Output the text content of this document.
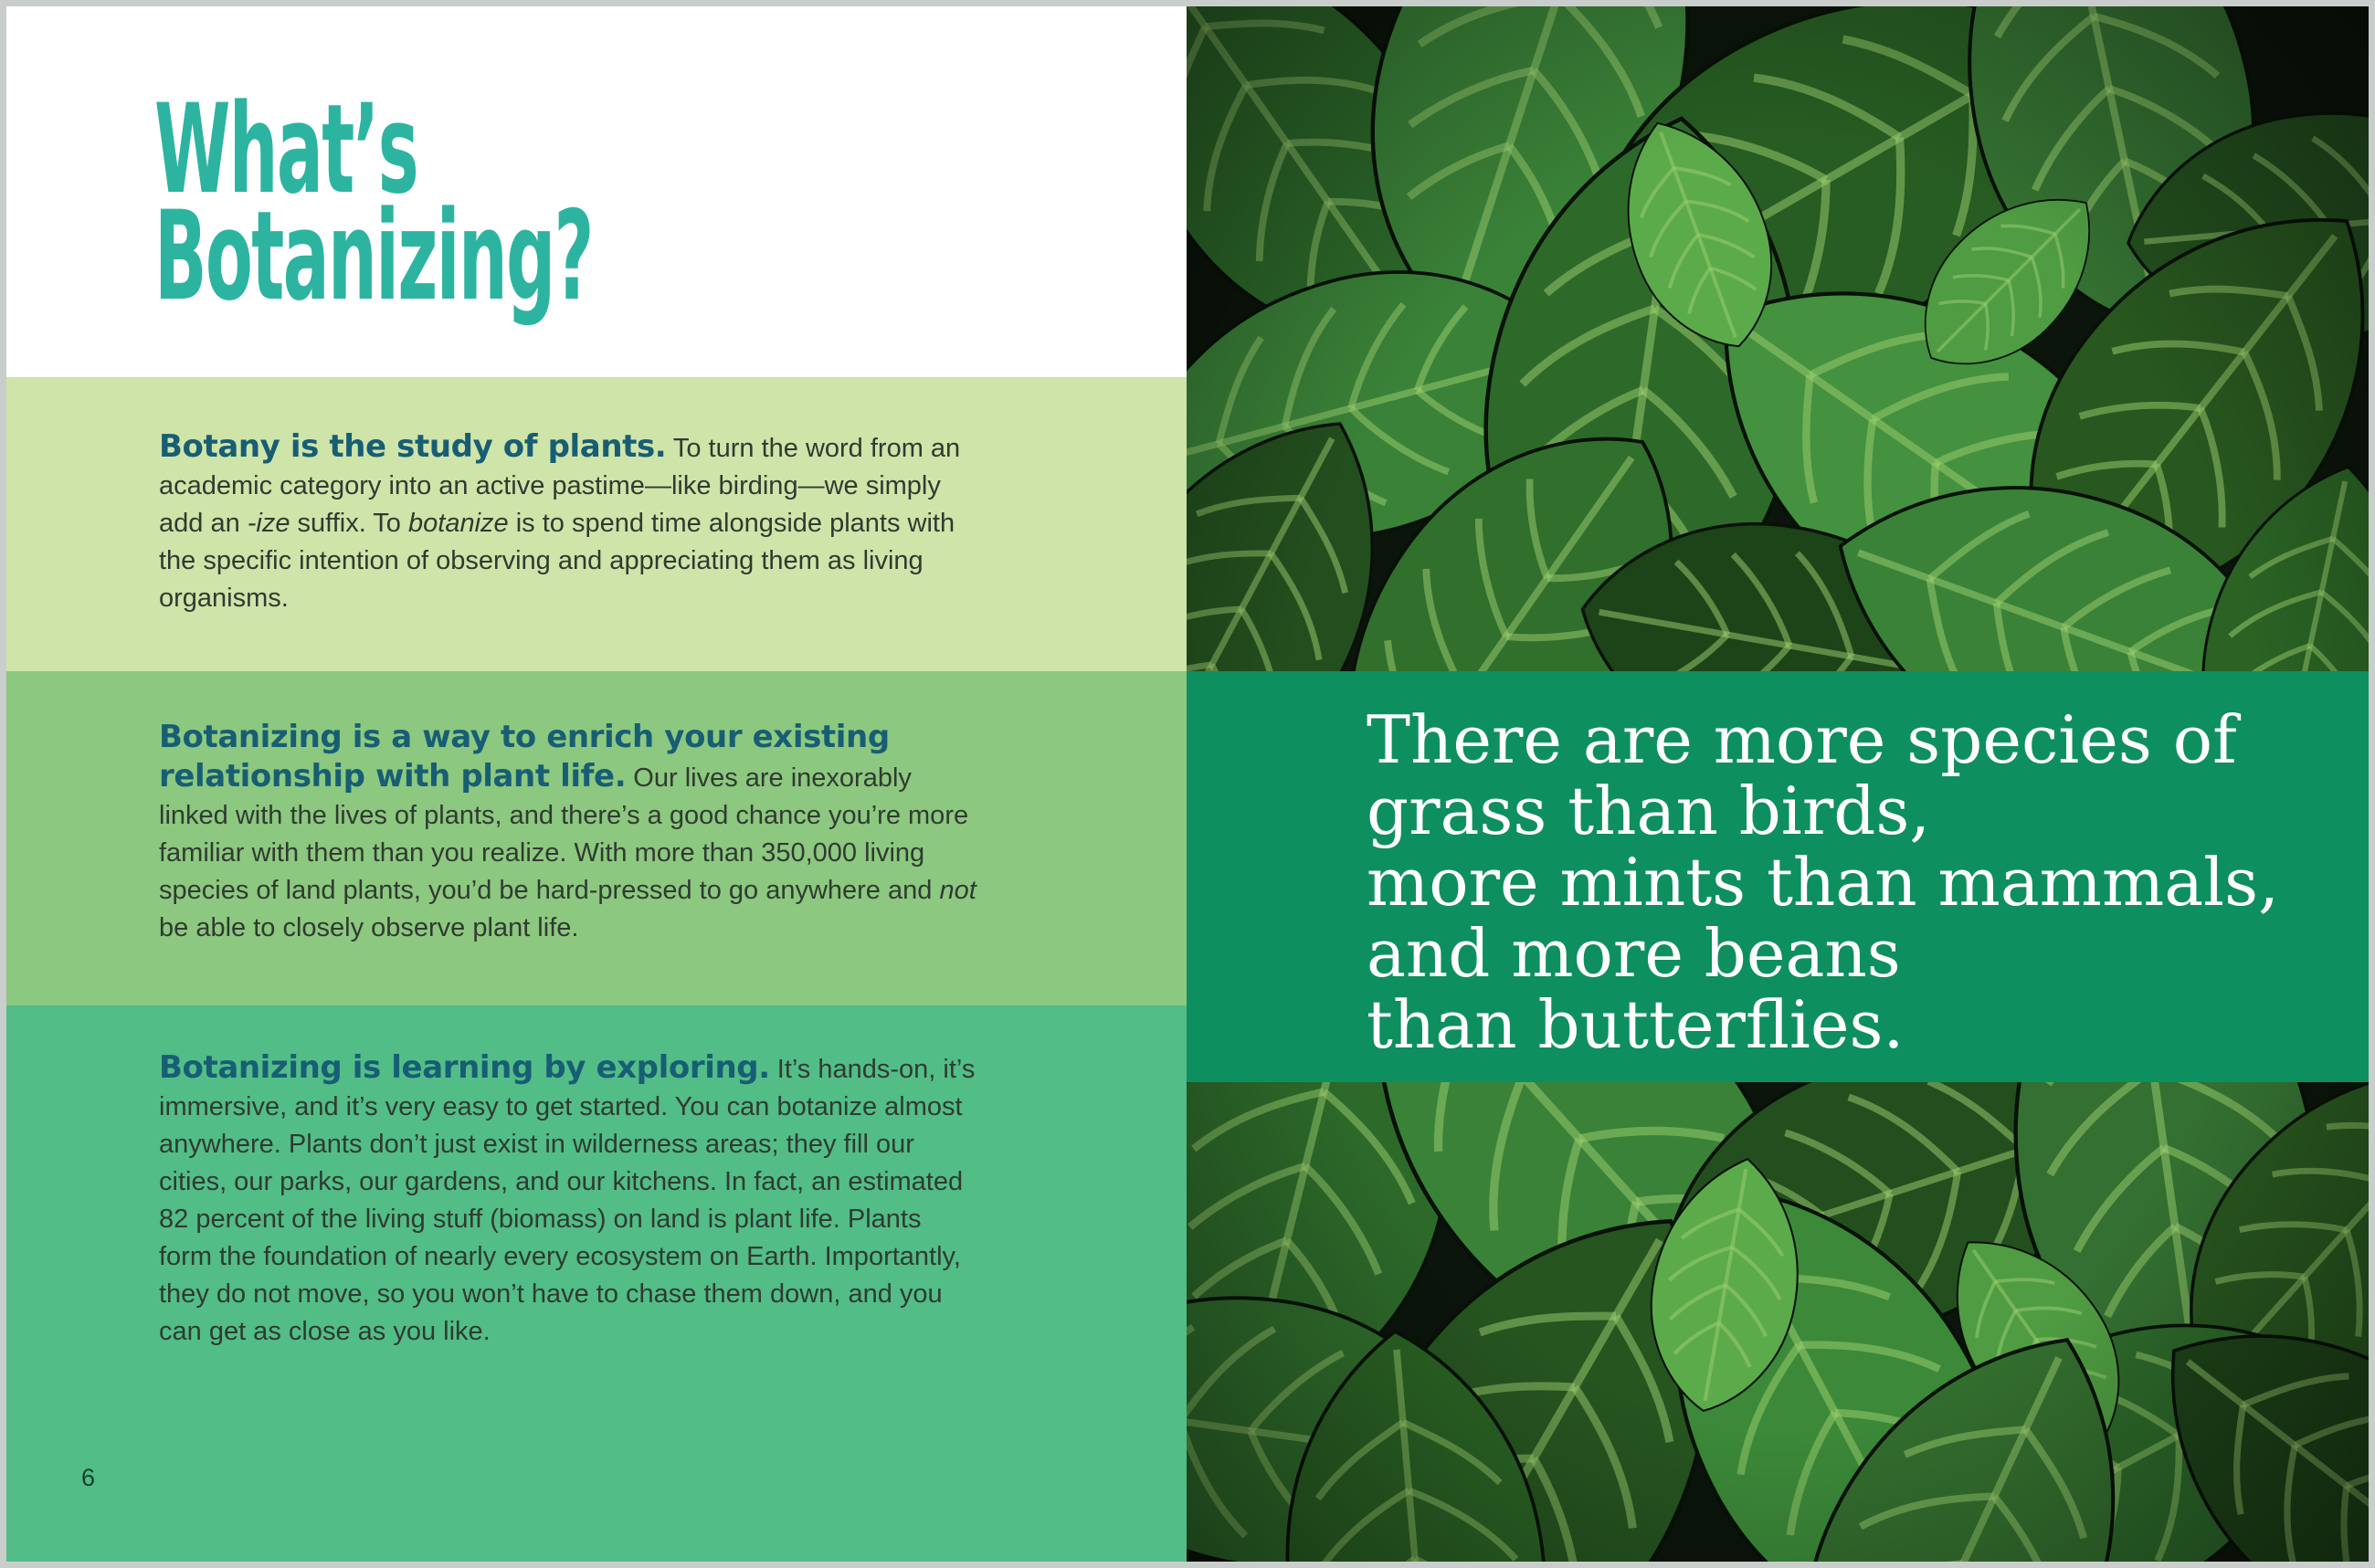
What’s
Botanizing?

Botany is the study of plants. To turn the word from an academic category into an active pastime—like birding—we simply add an -ize suffix. To botanize is to spend time alongside plants with the specific intention of observing and appreciating them as living organisms.

Botanizing is a way to enrich your existing relationship with plant life. Our lives are inexorably linked with the lives of plants, and there’s a good chance you’re more familiar with them than you realize. With more than 350,000 living species of land plants, you’d be hard-pressed to go anywhere and not be able to closely observe plant life.

Botanizing is learning by exploring. It’s hands-on, it’s immersive, and it’s very easy to get started. You can botanize almost anywhere. Plants don’t just exist in wilderness areas; they fill our cities, our parks, our gardens, and our kitchens. In fact, an estimated 82 percent of the living stuff (biomass) on land is plant life. Plants form the foundation of nearly every ecosystem on Earth. Importantly, they do not move, so you won’t have to chase them down, and you can get as close as you like.

6
There are more species of
grass than birds,
more mints than mammals,
and more beans
than butterflies.
